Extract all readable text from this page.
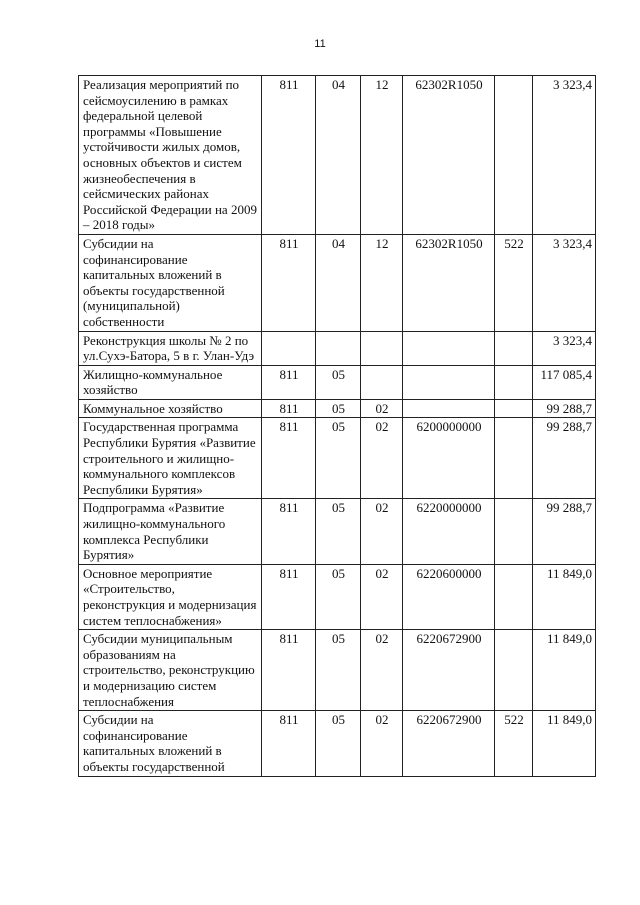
11
Реализация мероприятий по сейсмоусилению в рамках федеральной целевой программы «Повышение устойчивости жилых домов, основных объектов и систем жизнеобеспечения в сейсмических районах Российской Федерации на 2009 – 2018 годы»	811	04	12	62302R1050		3 323,4
Субсидии на софинансирование капитальных вложений в объекты государственной (муниципальной) собственности	811	04	12	62302R1050	522	3 323,4
Реконструкция школы № 2 по ул.Сухэ-Батора, 5 в г. Улан-Удэ						3 323,4
Жилищно-коммунальное хозяйство	811	05				117 085,4
Коммунальное хозяйство	811	05	02			99 288,7
Государственная программа Республики Бурятия «Развитие строительного и жилищно-коммунального комплексов Республики Бурятия»	811	05	02	6200000000		99 288,7
Подпрограмма «Развитие жилищно-коммунального комплекса Республики Бурятия»	811	05	02	6220000000		99 288,7
Основное мероприятие «Строительство, реконструкция и модернизация систем теплоснабжения»	811	05	02	6220600000		11 849,0
Субсидии муниципальным образованиям на строительство, реконструкцию и модернизацию систем теплоснабжения	811	05	02	6220672900		11 849,0
Субсидии на софинансирование капитальных вложений в объекты государственной	811	05	02	6220672900	522	11 849,0
